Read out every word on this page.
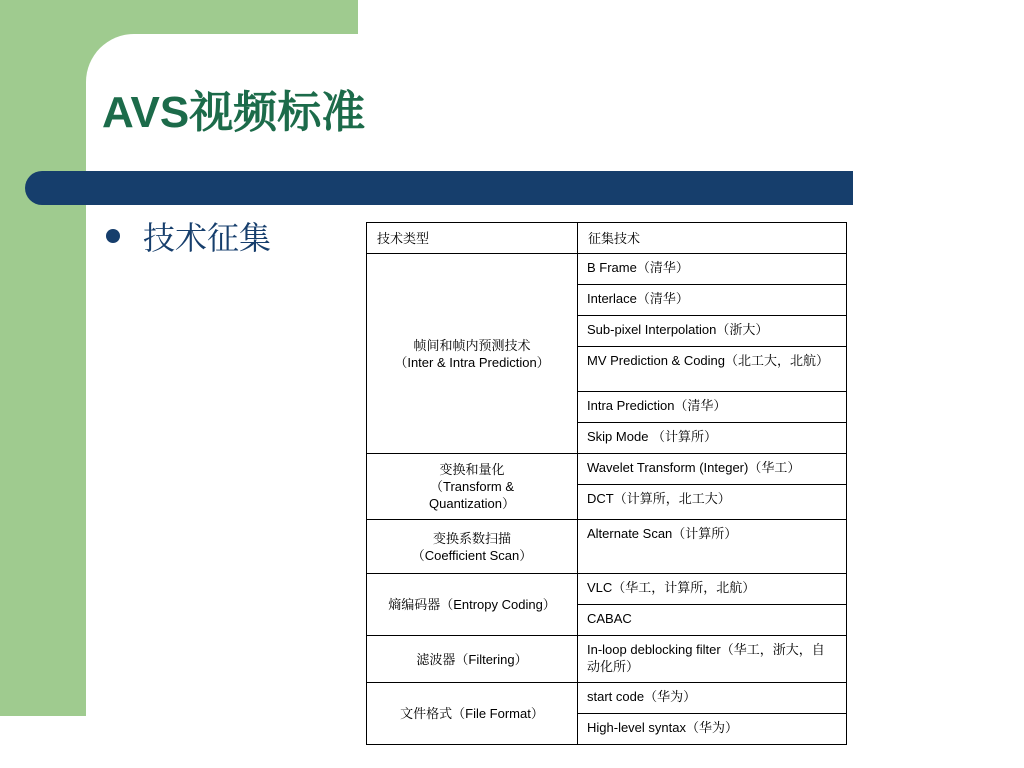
AVS视频标准
技术征集	技术类型	征集技术
帧间和帧内预测技术
（Inter & Intra Prediction）	B Frame（清华）
	Interlace（清华）
	Sub-pixel Interpolation（浙大）
	MV Prediction & Coding（北工大，北航）
	Intra Prediction（清华）
	Skip Mode （计算所）
变换和量化
（Transform &
Quantization）	Wavelet Transform (Integer)（华工）
	DCT（计算所，北工大）
变换系数扫描
（Coefficient Scan）	Alternate Scan（计算所）
熵编码器（Entropy Coding）	VLC（华工，计算所，北航）
	CABAC
滤波器（Filtering）	In-loop deblocking filter（华工，浙大，自动化所）
文件格式（File Format）	start code（华为）
	High-level syntax（华为）
